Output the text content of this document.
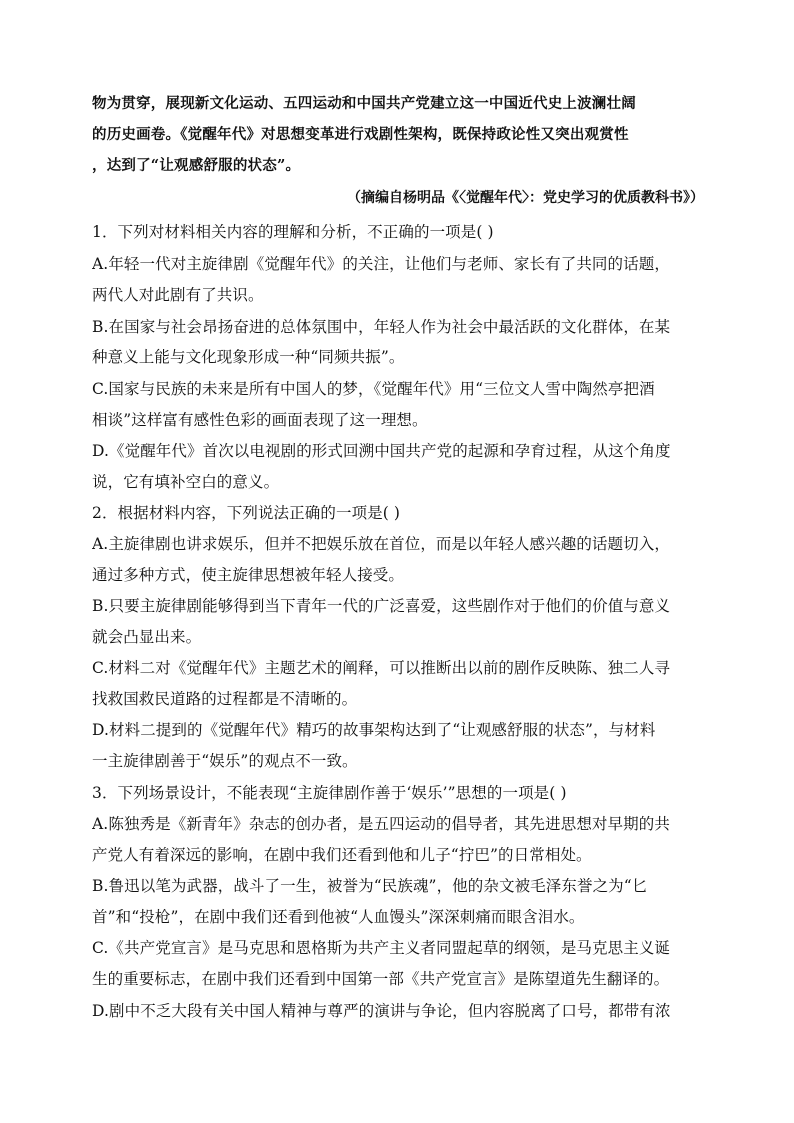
物为贯穿，展现新文化运动、五四运动和中国共产党建立这一中国近代史上波澜壮阔
的历史画卷。《觉醒年代》对思想变革进行戏剧性架构，既保持政论性又突出观赏性
，达到了“让观感舒服的状态”。
（摘编自杨明品《〈觉醒年代〉：党史学习的优质教科书》）
1．下列对材料相关内容的理解和分析，不正确的一项是( )
A.年轻一代对主旋律剧《觉醒年代》的关注，让他们与老师、家长有了共同的话题，
两代人对此剧有了共识。
B.在国家与社会昂扬奋进的总体氛围中，年轻人作为社会中最活跃的文化群体，在某
种意义上能与文化现象形成一种“同频共振”。
C.国家与民族的未来是所有中国人的梦，《觉醒年代》用“三位文人雪中陶然亭把酒
相谈”这样富有感性色彩的画面表现了这一理想。
D.《觉醒年代》首次以电视剧的形式回溯中国共产党的起源和孕育过程，从这个角度
说，它有填补空白的意义。
2．根据材料内容，下列说法正确的一项是( )
A.主旋律剧也讲求娱乐，但并不把娱乐放在首位，而是以年轻人感兴趣的话题切入，
通过多种方式，使主旋律思想被年轻人接受。
B.只要主旋律剧能够得到当下青年一代的广泛喜爱，这些剧作对于他们的价值与意义
就会凸显出来。
C.材料二对《觉醒年代》主题艺术的阐释，可以推断出以前的剧作反映陈、独二人寻
找救国救民道路的过程都是不清晰的。
D.材料二提到的《觉醒年代》精巧的故事架构达到了“让观感舒服的状态”，与材料
一主旋律剧善于“娱乐”的观点不一致。
3．下列场景设计，不能表现“主旋律剧作善于‘娱乐’”思想的一项是( )
A.陈独秀是《新青年》杂志的创办者，是五四运动的倡导者，其先进思想对早期的共
产党人有着深远的影响，在剧中我们还看到他和儿子“拧巴”的日常相处。
B.鲁迅以笔为武器，战斗了一生，被誉为“民族魂”，他的杂文被毛泽东誉之为“匕
首”和“投枪”，在剧中我们还看到他被“人血馒头”深深刺痛而眼含泪水。
C.《共产党宣言》是马克思和恩格斯为共产主义者同盟起草的纲领，是马克思主义诞
生的重要标志，在剧中我们还看到中国第一部《共产党宣言》是陈望道先生翻译的。
D.剧中不乏大段有关中国人精神与尊严的演讲与争论，但内容脱离了口号，都带有浓
